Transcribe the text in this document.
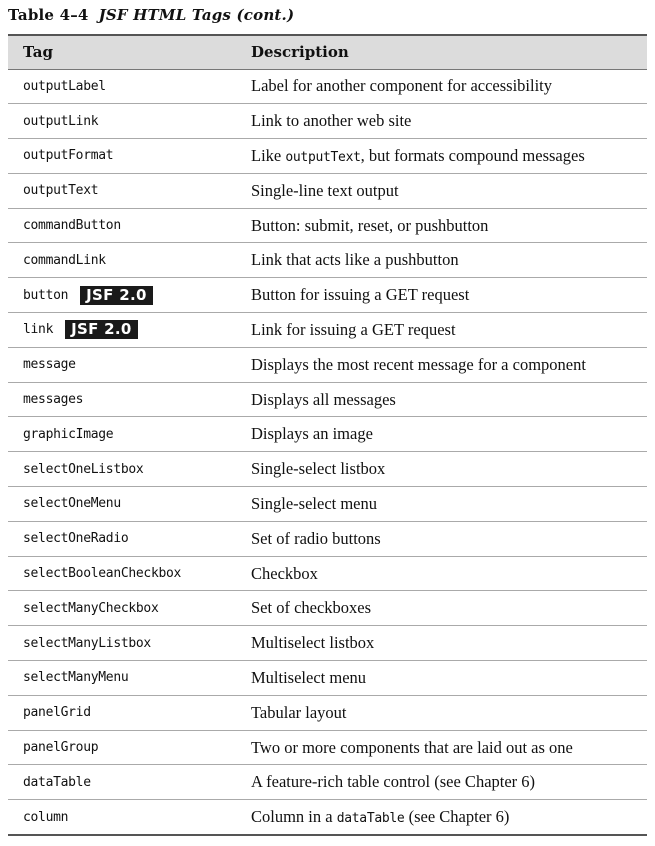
Table 4–4 JSF HTML Tags (cont.)
Tag	Description
outputLabel	Label for another component for accessibility
outputLink	Link to another web site
outputFormat	Like outputText, but formats compound messages
outputText	Single-line text output
commandButton	Button: submit, reset, or pushbutton
commandLink	Link that acts like a pushbutton
button JSF 2.0	Button for issuing a GET request
link JSF 2.0	Link for issuing a GET request
message	Displays the most recent message for a component
messages	Displays all messages
graphicImage	Displays an image
selectOneListbox	Single-select listbox
selectOneMenu	Single-select menu
selectOneRadio	Set of radio buttons
selectBooleanCheckbox	Checkbox
selectManyCheckbox	Set of checkboxes
selectManyListbox	Multiselect listbox
selectManyMenu	Multiselect menu
panelGrid	Tabular layout
panelGroup	Two or more components that are laid out as one
dataTable	A feature-rich table control (see Chapter 6)
column	Column in a dataTable (see Chapter 6)
